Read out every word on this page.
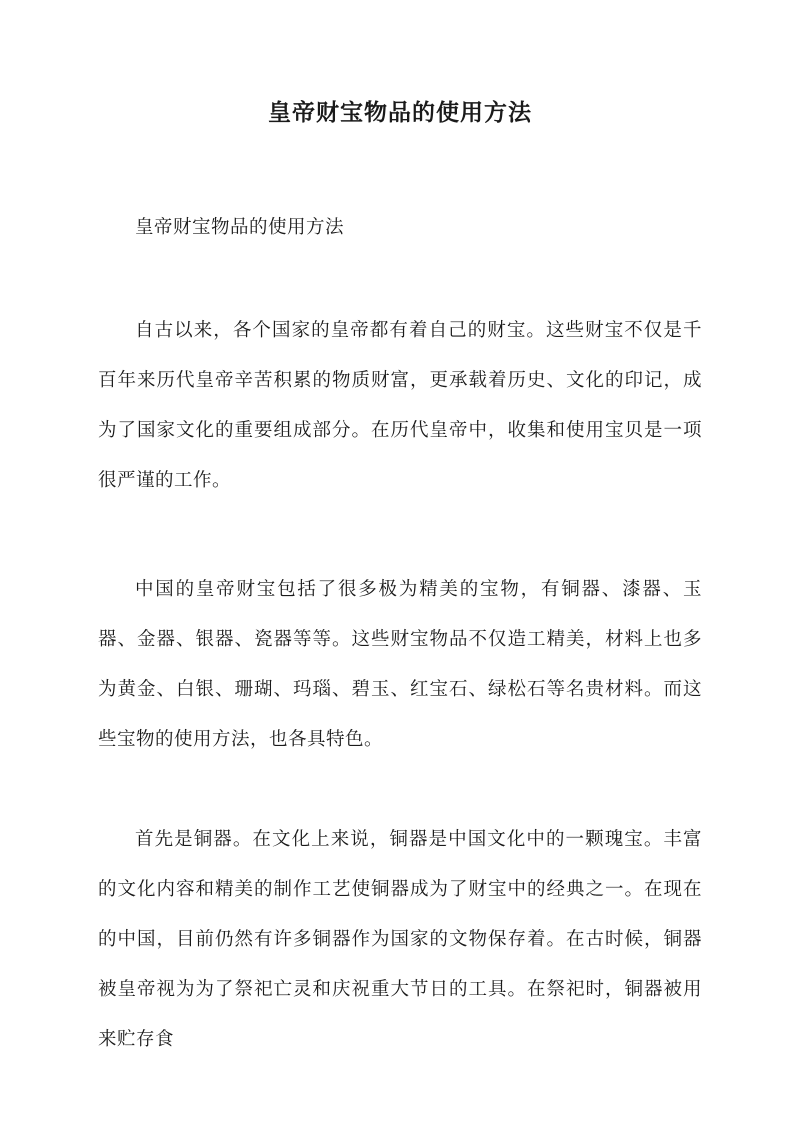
皇帝财宝物品的使用方法

皇帝财宝物品的使用方法

自古以来，各个国家的皇帝都有着自己的财宝。这些财宝不仅是千百年来历代皇帝辛苦积累的物质财富，更承载着历史、文化的印记，成为了国家文化的重要组成部分。在历代皇帝中，收集和使用宝贝是一项很严谨的工作。

中国的皇帝财宝包括了很多极为精美的宝物，有铜器、漆器、玉器、金器、银器、瓷器等等。这些财宝物品不仅造工精美，材料上也多为黄金、白银、珊瑚、玛瑙、碧玉、红宝石、绿松石等名贵材料。而这些宝物的使用方法，也各具特色。

首先是铜器。在文化上来说，铜器是中国文化中的一颗瑰宝。丰富的文化内容和精美的制作工艺使铜器成为了财宝中的经典之一。在现在的中国，目前仍然有许多铜器作为国家的文物保存着。在古时候，铜器被皇帝视为为了祭祀亡灵和庆祝重大节日的工具。在祭祀时，铜器被用来贮存食
